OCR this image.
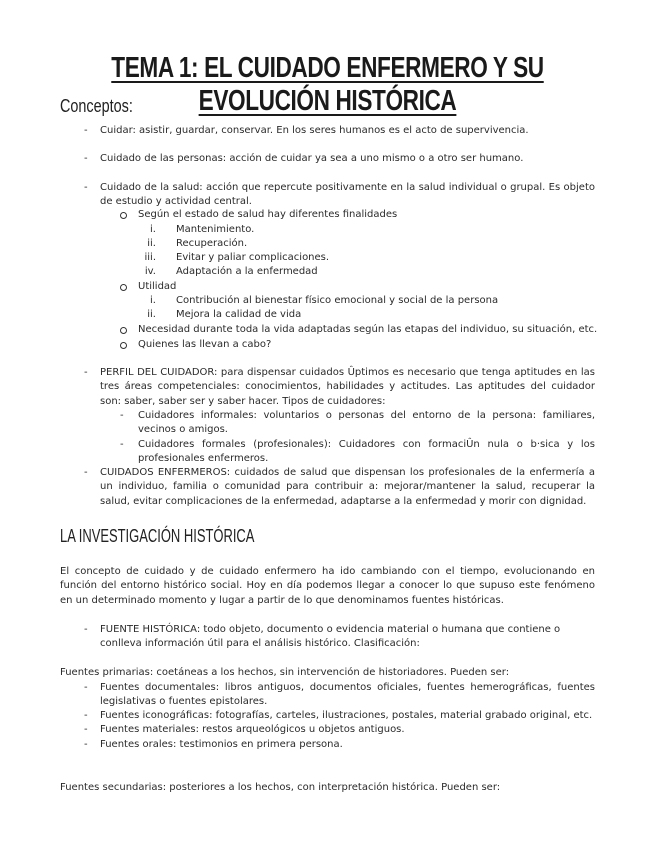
TEMA 1: EL CUIDADO ENFERMERO Y SU EVOLUCIÓN HISTÓRICA
Conceptos:
- Cuidar: asistir, guardar, conservar. En los seres humanos es el acto de supervivencia.
- Cuidado de las personas: acción de cuidar ya sea a uno mismo o a otro ser humano.
- Cuidado de la salud: acción que repercute positivamente en la salud individual o grupal. Es objeto de estudio y actividad central.
Según el estado de salud hay diferentes finalidades
i. Mantenimiento.
ii. Recuperación.
iii. Evitar y paliar complicaciones.
iv. Adaptación a la enfermedad
Utilidad
i. Contribución al bienestar físico emocional y social de la persona
ii. Mejora la calidad de vida
Necesidad durante toda la vida adaptadas según las etapas del individuo, su situación, etc.
Quienes las llevan a cabo?
- PERFIL DEL CUIDADOR: para dispensar cuidados Ûptimos es necesario que tenga aptitudes en las tres áreas competenciales: conocimientos, habilidades y actitudes. Las aptitudes del cuidador son: saber, saber ser y saber hacer. Tipos de cuidadores:
- Cuidadores informales: voluntarios o personas del entorno de la persona: familiares, vecinos o amigos.
- Cuidadores formales (profesionales): Cuidadores con formaciÛn nula o b·sica y los profesionales enfermeros.
- CUIDADOS ENFERMEROS: cuidados de salud que dispensan los profesionales de la enfermería a un individuo, familia o comunidad para contribuir a: mejorar/mantener la salud, recuperar la salud, evitar complicaciones de la enfermedad, adaptarse a la enfermedad y morir con dignidad.
LA INVESTIGACIÓN HISTÓRICA
El concepto de cuidado y de cuidado enfermero ha ido cambiando con el tiempo, evolucionando en función del entorno histórico social. Hoy en día podemos llegar a conocer lo que supuso este fenómeno en un determinado momento y lugar a partir de lo que denominamos fuentes históricas.
- FUENTE HISTÓRICA: todo objeto, documento o evidencia material o humana que contiene o conlleva información útil para el análisis histórico. Clasificación:
Fuentes primarias: coetáneas a los hechos, sin intervención de historiadores. Pueden ser:
- Fuentes documentales: libros antiguos, documentos oficiales, fuentes hemerográficas, fuentes legislativas o fuentes epistolares.
- Fuentes iconográficas: fotografías, carteles, ilustraciones, postales, material grabado original, etc.
- Fuentes materiales: restos arqueológicos u objetos antiguos.
- Fuentes orales: testimonios en primera persona.
Fuentes secundarias: posteriores a los hechos, con interpretación histórica. Pueden ser:
